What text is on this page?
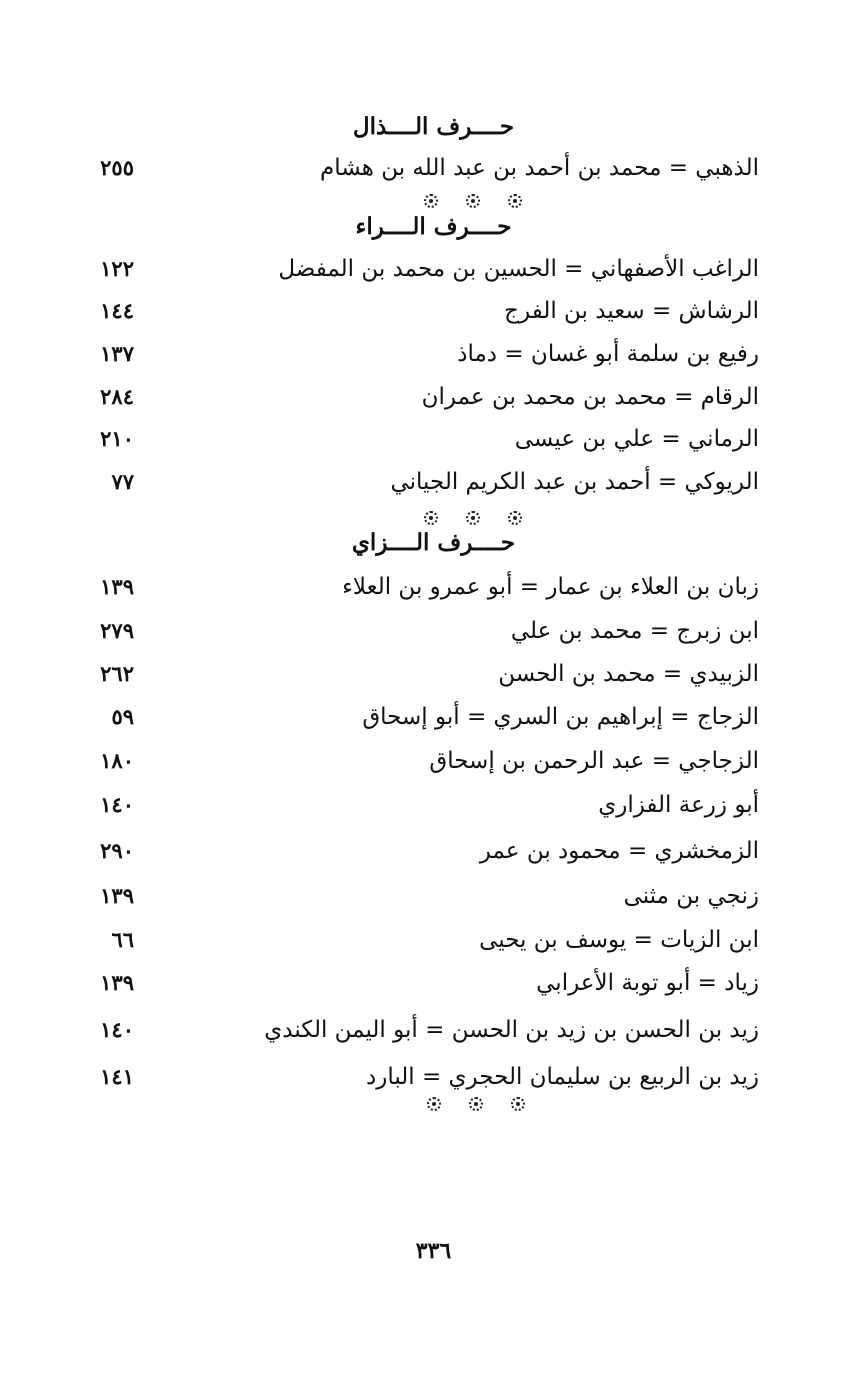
حــــرف الــــذال
الذهبي = محمد بن أحمد بن عبد الله بن هشام
٢٥٥
حــــرف الــــراء
الراغب الأصفهاني = الحسين بن محمد بن المفضل
١٢٢
الرشاش = سعيد بن الفرج
١٤٤
رفيع بن سلمة أبو غسان = دماذ
١٣٧
الرقام = محمد بن محمد بن عمران
٢٨٤
الرماني = علي بن عيسى
٢١٠
الريوكي = أحمد بن عبد الكريم الجياني
٧٧
حــــرف الــــزاي
زبان بن العلاء بن عمار = أبو عمرو بن العلاء
١٣٩
ابن زبرج = محمد بن علي
٢٧٩
الزبيدي = محمد بن الحسن
٢٦٢
الزجاج = إبراهيم بن السري = أبو إسحاق
٥٩
الزجاجي = عبد الرحمن بن إسحاق
١٨٠
أبو زرعة الفزاري
١٤٠
الزمخشري = محمود بن عمر
٢٩٠
زنجي بن مثنى
١٣٩
ابن الزيات = يوسف بن يحيى
٦٦
زياد = أبو توبة الأعرابي
١٣٩
زيد بن الحسن بن زيد بن الحسن = أبو اليمن الكندي
١٤٠
زيد بن الربيع بن سليمان الحجري = البارد
١٤١
٣٣٦
